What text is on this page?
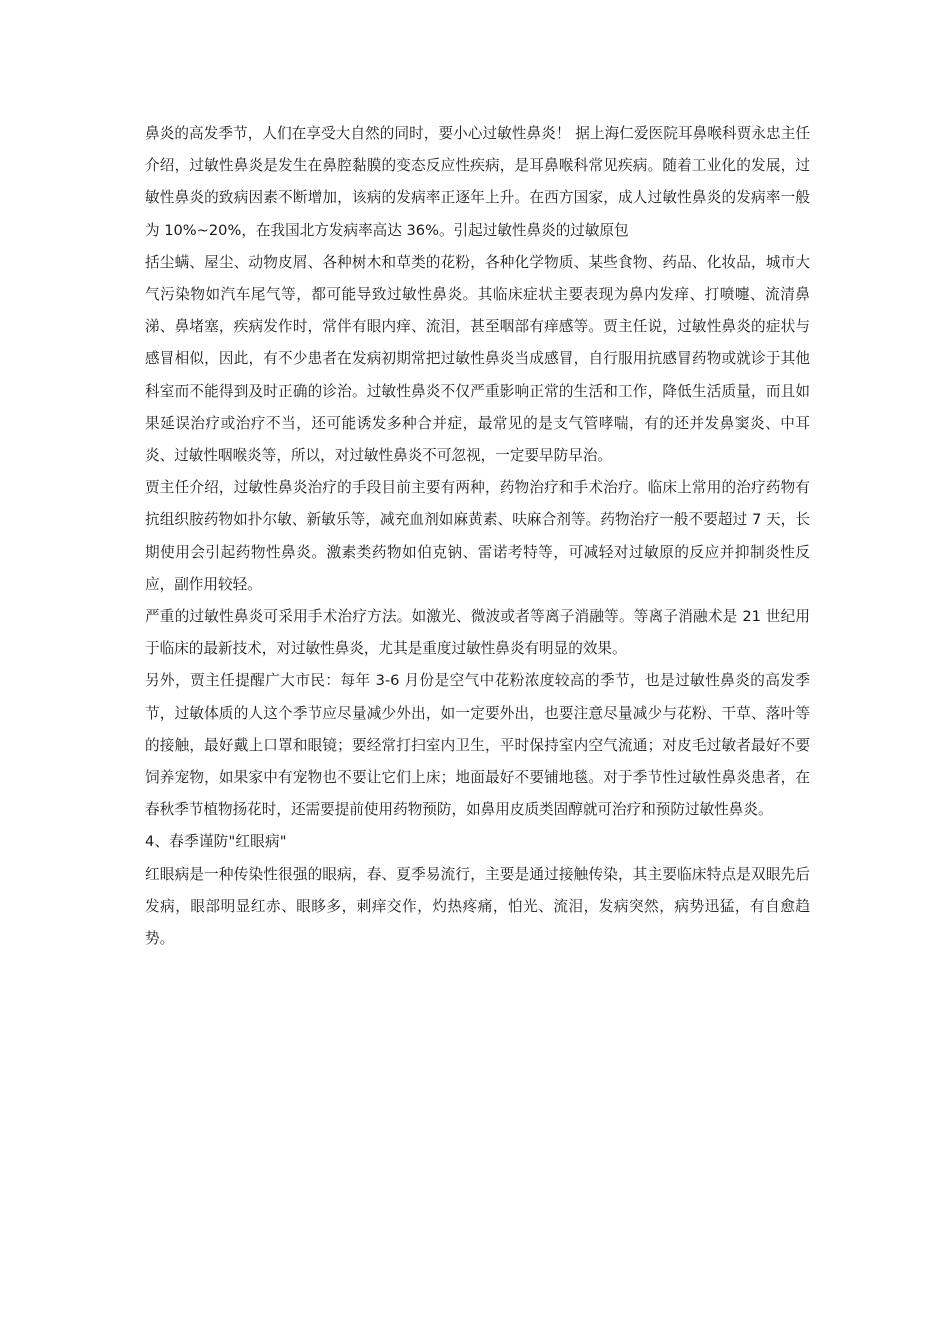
鼻炎的高发季节，人们在享受大自然的同时，要小心过敏性鼻炎！ 据上海仁爱医院耳鼻喉科贾永忠主任介绍，过敏性鼻炎是发生在鼻腔黏膜的变态反应性疾病，是耳鼻喉科常见疾病。随着工业化的发展，过敏性鼻炎的致病因素不断增加，该病的发病率正逐年上升。在西方国家，成人过敏性鼻炎的发病率一般为 10%~20%，在我国北方发病率高达 36%。引起过敏性鼻炎的过敏原包

括尘螨、屋尘、动物皮屑、各种树木和草类的花粉，各种化学物质、某些食物、药品、化妆品，城市大气污染物如汽车尾气等，都可能导致过敏性鼻炎。其临床症状主要表现为鼻内发痒、打喷嚏、流清鼻涕、鼻堵塞，疾病发作时，常伴有眼内痒、流泪，甚至咽部有痒感等。贾主任说，过敏性鼻炎的症状与感冒相似，因此，有不少患者在发病初期常把过敏性鼻炎当成感冒，自行服用抗感冒药物或就诊于其他科室而不能得到及时正确的诊治。过敏性鼻炎不仅严重影响正常的生活和工作，降低生活质量，而且如果延误治疗或治疗不当，还可能诱发多种合并症，最常见的是支气管哮喘，有的还并发鼻窦炎、中耳炎、过敏性咽喉炎等，所以，对过敏性鼻炎不可忽视，一定要早防早治。

贾主任介绍，过敏性鼻炎治疗的手段目前主要有两种，药物治疗和手术治疗。临床上常用的治疗药物有抗组织胺药物如扑尔敏、新敏乐等，减充血剂如麻黄素、呋麻合剂等。药物治疗一般不要超过 7 天，长期使用会引起药物性鼻炎。激素类药物如伯克钠、雷诺考特等，可减轻对过敏原的反应并抑制炎性反应，副作用较轻。

严重的过敏性鼻炎可采用手术治疗方法。如激光、微波或者等离子消融等。等离子消融术是 21 世纪用于临床的最新技术，对过敏性鼻炎，尤其是重度过敏性鼻炎有明显的效果。

另外，贾主任提醒广大市民：每年 3-6 月份是空气中花粉浓度较高的季节，也是过敏性鼻炎的高发季节，过敏体质的人这个季节应尽量减少外出，如一定要外出，也要注意尽量减少与花粉、干草、落叶等的接触，最好戴上口罩和眼镜；要经常打扫室内卫生，平时保持室内空气流通；对皮毛过敏者最好不要饲养宠物，如果家中有宠物也不要让它们上床；地面最好不要铺地毯。对于季节性过敏性鼻炎患者，在春秋季节植物扬花时，还需要提前使用药物预防，如鼻用皮质类固醇就可治疗和预防过敏性鼻炎。

4、春季谨防"红眼病"

红眼病是一种传染性很强的眼病，春、夏季易流行，主要是通过接触传染，其主要临床特点是双眼先后发病，眼部明显红赤、眼眵多，刺痒交作，灼热疼痛，怕光、流泪，发病突然，病势迅猛，有自愈趋势。
